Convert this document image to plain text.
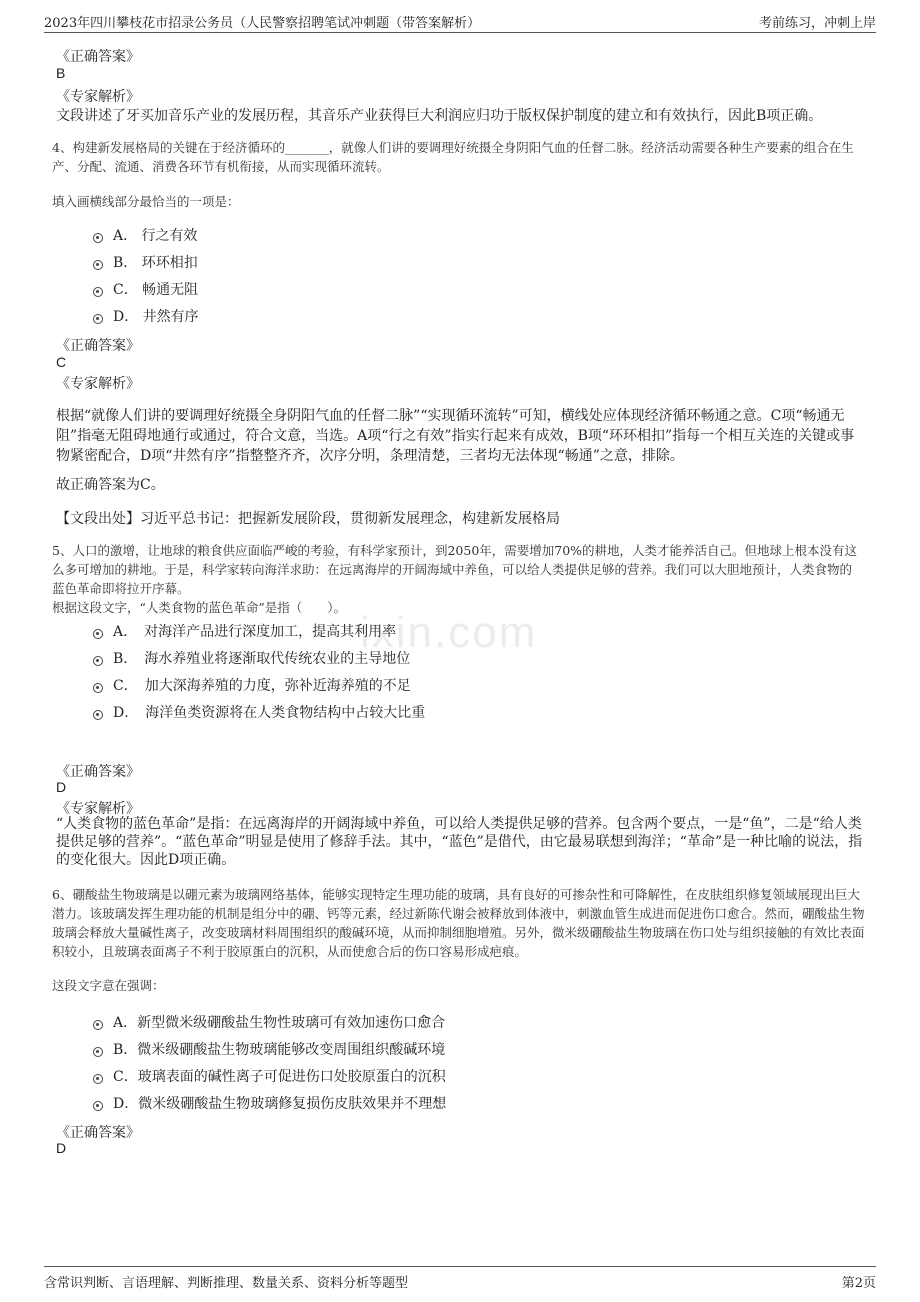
2023年四川攀枝花市招录公务员（人民警察招聘笔试冲刺题（带答案解析）	考前练习，冲刺上岸
ixin.com
《正确答案》
B
《专家解析》
文段讲述了牙买加音乐产业的发展历程，其音乐产业获得巨大利润应归功于版权保护制度的建立和有效执行，因此B项正确。
4、构建新发展格局的关键在于经济循环的_______，就像人们讲的要调理好统摄全身阴阳气血的任督二脉。经济活动需要各种生产要素的组合在生产、分配、流通、消费各环节有机衔接，从而实现循环流转。
填入画横线部分最恰当的一项是：
A． 行之有效
B． 环环相扣
C． 畅通无阻
D． 井然有序
《正确答案》
C
《专家解析》
根据“就像人们讲的要调理好统摄全身阴阳气血的任督二脉”“实现循环流转”可知，横线处应体现经济循环畅通之意。C项“畅通无阻”指毫无阻碍地通行或通过，符合文意，当选。A项“行之有效”指实行起来有成效，B项“环环相扣”指每一个相互关连的关键或事物紧密配合，D项“井然有序”指整整齐齐，次序分明，条理清楚，三者均无法体现“畅通”之意，排除。
故正确答案为C。
【文段出处】习近平总书记：把握新发展阶段，贯彻新发展理念，构建新发展格局
5、人口的激增，让地球的粮食供应面临严峻的考验，有科学家预计，到2050年，需要增加70%的耕地，人类才能养活自己。但地球上根本没有这么多可增加的耕地。于是，科学家转向海洋求助：在远离海岸的开阔海域中养鱼，可以给人类提供足够的营养。我们可以大胆地预计，人类食物的蓝色革命即将拉开序幕。
根据这段文字，“人类食物的蓝色革命”是指（　　）。
A．　对海洋产品进行深度加工，提高其利用率
B．　海水养殖业将逐渐取代传统农业的主导地位
C．　加大深海养殖的力度，弥补近海养殖的不足
D．　海洋鱼类资源将在人类食物结构中占较大比重
《正确答案》
D
《专家解析》
“人类食物的蓝色革命”是指：在远离海岸的开阔海域中养鱼，可以给人类提供足够的营养。包含两个要点，一是“鱼”，二是“给人类提供足够的营养”。“蓝色革命”明显是使用了修辞手法。其中，“蓝色”是借代，由它最易联想到海洋；“革命”是一种比喻的说法，指的变化很大。因此D项正确。
6、硼酸盐生物玻璃是以硼元素为玻璃网络基体，能够实现特定生理功能的玻璃，具有良好的可掺杂性和可降解性，在皮肤组织修复领域展现出巨大潜力。该玻璃发挥生理功能的机制是组分中的硼、钙等元素，经过新陈代谢会被释放到体液中，刺激血管生成进而促进伤口愈合。然而，硼酸盐生物玻璃会释放大量碱性离子，改变玻璃材料周围组织的酸碱环境，从而抑制细胞增殖。另外，微米级硼酸盐生物玻璃在伤口处与组织接触的有效比表面积较小，且玻璃表面离子不利于胶原蛋白的沉积，从而使愈合后的伤口容易形成疤痕。
这段文字意在强调：
A．新型微米级硼酸盐生物性玻璃可有效加速伤口愈合
B．微米级硼酸盐生物玻璃能够改变周围组织酸碱环境
C．玻璃表面的碱性离子可促进伤口处胶原蛋白的沉积
D．微米级硼酸盐生物玻璃修复损伤皮肤效果并不理想
《正确答案》
D
含常识判断、言语理解、判断推理、数量关系、资料分析等题型	第2页
